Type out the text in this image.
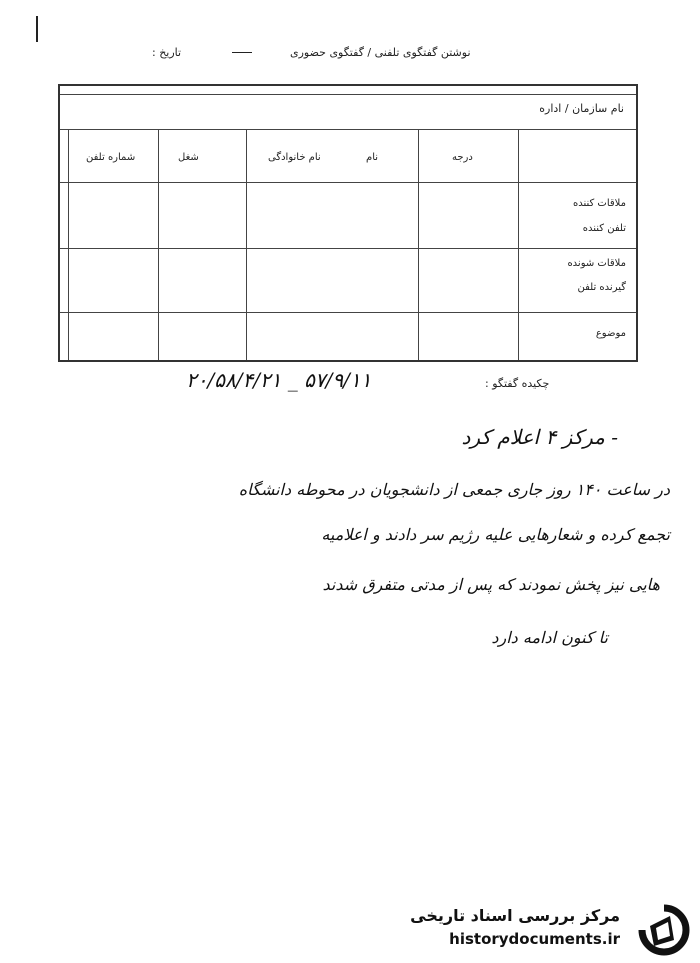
نوشتن گفتگوی تلفنی / گفتگوی حضوری
تاریخ :
نام سازمان / اداره
درجه
نام
نام خانوادگی
شغل
شماره تلفن
ملاقات کننده
تلفن کننده
ملاقات شونده
گیرنده تلفن
موضوع
چکیده گفتگو :
۵۷/۹/۱۱ _ ۲۰/۵۸/۴/۲۱
- مرکز ۴ اعلام کرد
در ساعت ۱۴۰ روز جاری جمعی از دانشجویان در محوطه دانشگاه
تجمع کرده و شعارهایی علیه رژیم سر دادند و اعلامیه
هایی نیز پخش نمودند که پس از مدتی متفرق شدند
تا کنون ادامه دارد
مرکز بررسی اسناد تاریخی
historydocuments.ir
